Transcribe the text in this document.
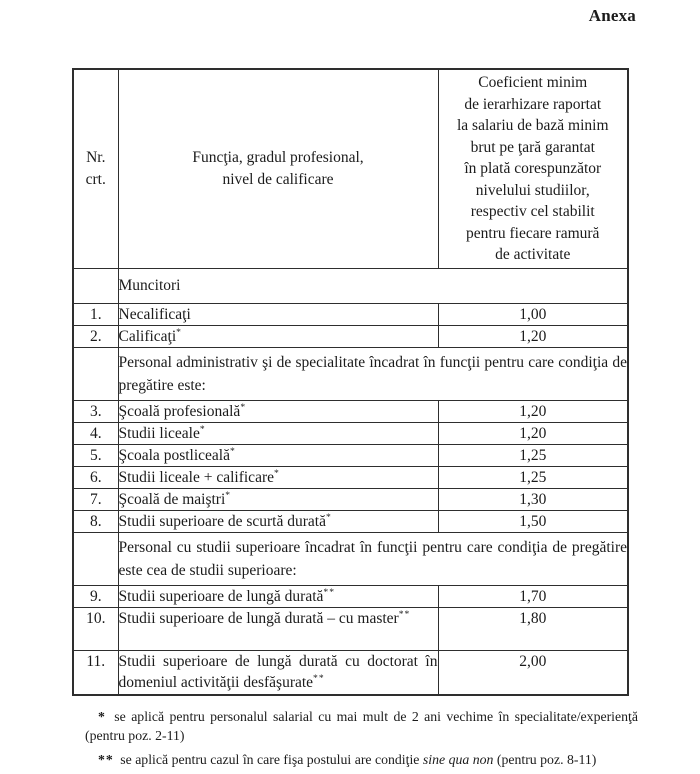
Anexa
Nr.
crt.

Funcţia, gradul profesional,
nivel de calificare

Coeficient minim
de ierarhizare raportat
la salariu de bază minim
brut pe ţară garantat
în plată corespunzător
nivelului studiilor,
respectiv cel stabilit
pentru fiecare ramură
de activitate

	Muncitori	
1.	Necalificaţi	1,00
2.	Calificaţi*	1,20
	Personal administrativ şi de specialitate încadrat în funcţii pentru care condiţia de pregătire este:	
3.	Şcoală profesională*	1,20
4.	Studii liceale*	1,20
5.	Şcoala postliceală*	1,25
6.	Studii liceale + calificare*	1,25
7.	Şcoală de maiştri*	1,30
8.	Studii superioare de scurtă durată*	1,50
	Personal cu studii superioare încadrat în funcţii pentru care condiţia de pregătire este cea de studii superioare:	
9.	Studii superioare de lungă durată**	1,70
10.	Studii superioare de lungă durată – cu master**	1,80
11.	Studii superioare de lungă durată cu doctorat în domeniul activităţii desfăşurate**	2,00

* se aplică pentru personalul salarial cu mai mult de 2 ani vechime în specialitate/experienţă (pentru poz. 2-11)

** se aplică pentru cazul în care fişa postului are condiţie sine qua non (pentru poz. 8-11)
